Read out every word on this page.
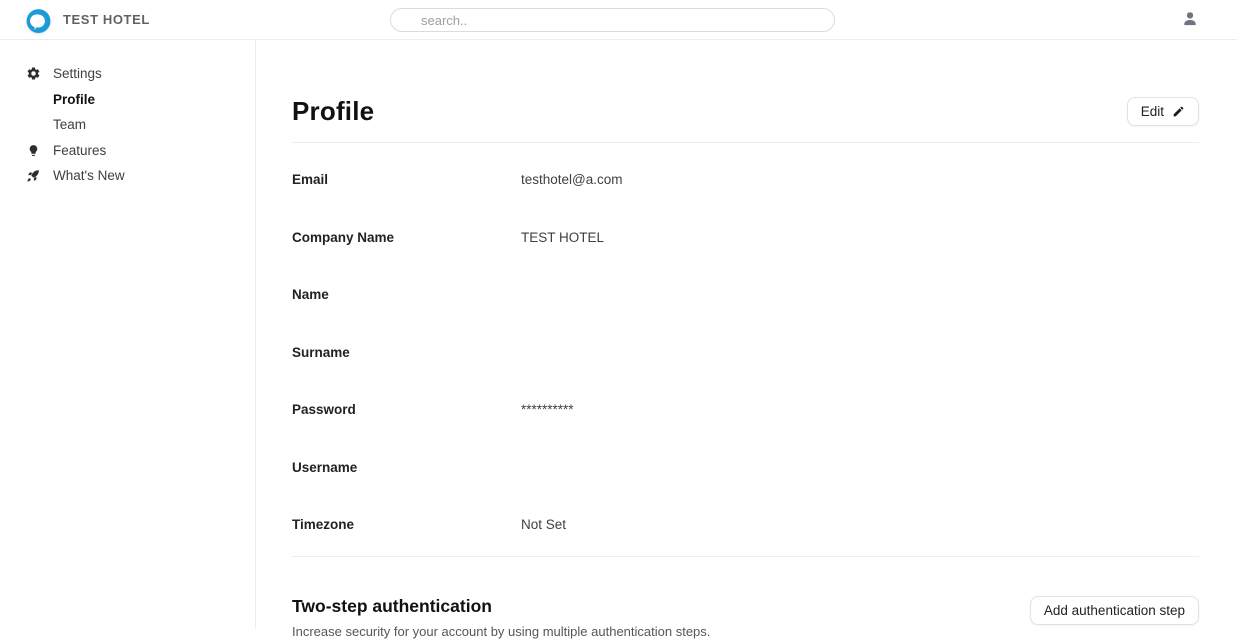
TEST HOTEL
search..
Settings
Profile
Team
Features
What's New
Profile	Edit
Email	testhotel@a.com
Company Name	TEST HOTEL
Name
Surname
Password	**********
Username
Timezone	Not Set
Two-step authentication

Increase security for your account by using multiple authentication steps.

Add authentication step
